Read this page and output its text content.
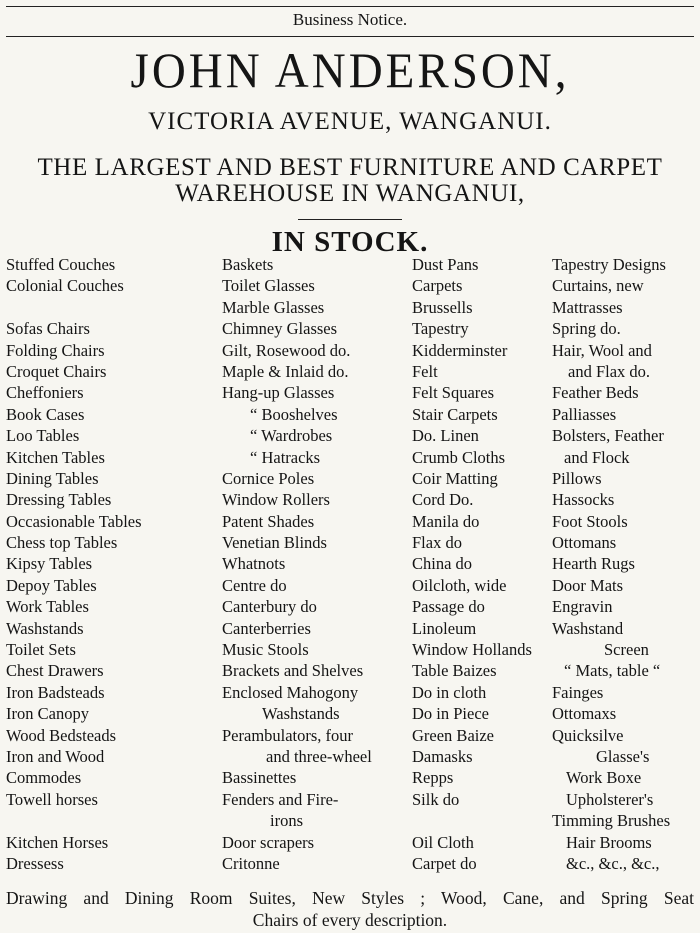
Business Notice.
JOHN ANDERSON,
VICTORIA AVENUE, WANGANUI.
THE LARGEST AND BEST FURNITURE AND CARPET
WAREHOUSE IN WANGANUI,
IN STOCK.
Stuffed Couches
Colonial Couches
Sofas Chairs
Folding Chairs
Croquet Chairs
Cheffoniers
Book Cases
Loo Tables
Kitchen Tables
Dining Tables
Dressing Tables
Occasionable Tables
Chess top Tables
Kipsy Tables
Depoy Tables
Work Tables
Washstands
Toilet Sets
Chest Drawers
Iron Badsteads
Iron Canopy
Wood Bedsteads
Iron and Wood
Commodes
Towell horses
Kitchen Horses
Dressess
Baskets
Toilet Glasses
Marble Glasses
Chimney Glasses
Gilt, Rosewood do.
Maple & Inlaid do.
Hang-up Glasses
“ Booshelves
“ Wardrobes
“ Hatracks
Cornice Poles
Window Rollers
Patent Shades
Venetian Blinds
Whatnots
Centre do
Canterbury do
Canterberries
Music Stools
Brackets and Shelves
Enclosed Mahogony
Washstands
Perambulators, four
and three-wheel
Bassinettes
Fenders and Fire-
irons
Door scrapers
Critonne
Dust Pans
Carpets
Brussells
Tapestry
Kidderminster
Felt
Felt Squares
Stair Carpets
Do. Linen
Crumb Cloths
Coir Matting
Cord Do.
Manila do
Flax do
China do
Oilcloth, wide
Passage do
Linoleum
Window Hollands
Table Baizes
Do in cloth
Do in Piece
Green Baize
Damasks
Repps
Silk do
Oil Cloth
Carpet do
Tapestry Designs
Curtains, new
Mattrasses
Spring do.
Hair, Wool and
and Flax do.
Feather Beds
Palliasses
Bolsters, Feather
and Flock
Pillows
Hassocks
Foot Stools
Ottomans
Hearth Rugs
Door Mats
Engravin
Washstand
Screen
“ Mats, table “
Fainges
Ottomaxs
Quicksilve
Glasse's
Work Boxe
Upholsterer's
Timming Brushes
Hair Brooms
&c., &c., &c.,
Drawing and Dining Room Suites, New Styles ; Wood, Cane, and Spring Seat
Chairs of every description.
